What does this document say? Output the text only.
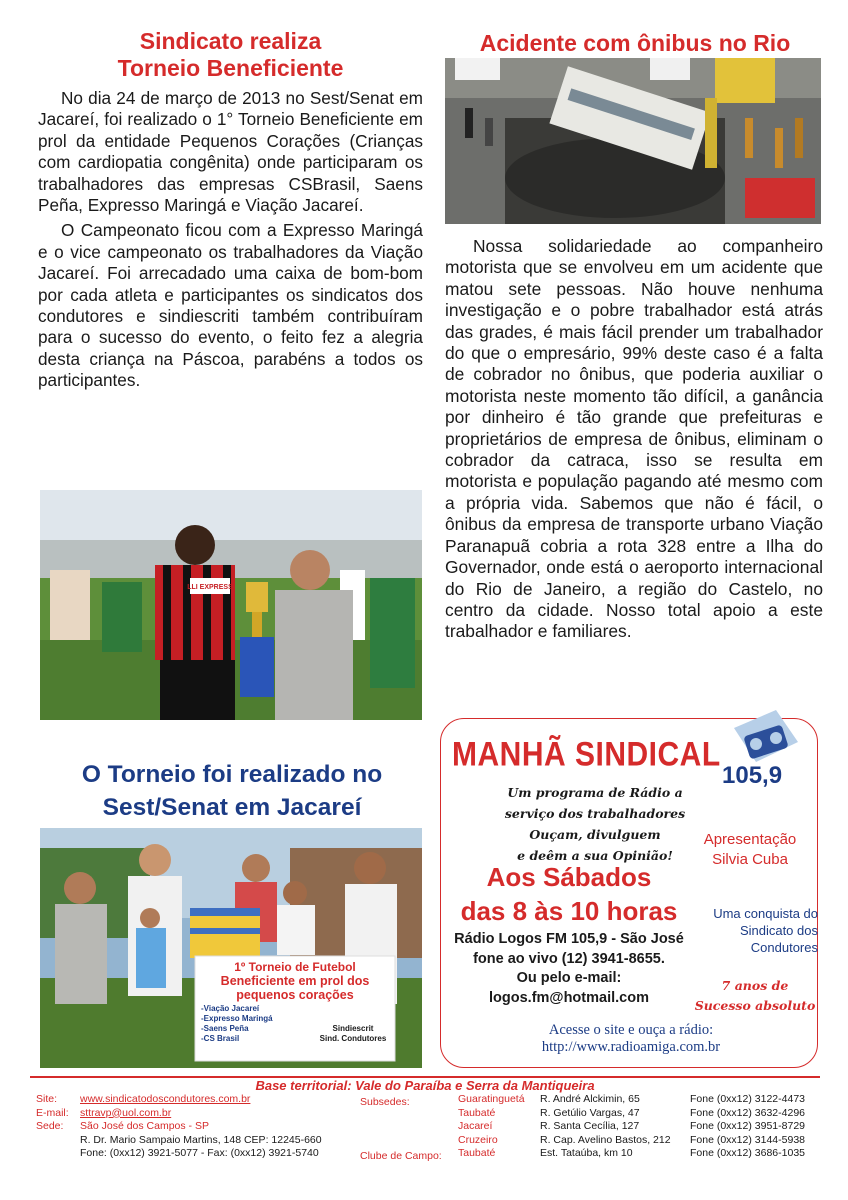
Sindicato realiza
Torneio Beneficiente

No dia 24 de março de 2013 no Sest/Senat em Jacareí, foi realizado o 1° Torneio Beneficiente em prol da entidade Pequenos Corações (Crianças com cardiopatia congênita) onde participaram os trabalhadores das empresas CSBrasil, Saens Peña, Expresso Maringá e Viação Jacareí.

O Campeonato ficou com a Expresso Maringá e o vice campeonato os trabalhadores da Viação Jacareí. Foi arrecadado uma caixa de bom-bom por cada atleta e participantes os sindicatos dos condutores e sindiescriti também contribuíram para o sucesso do evento, o feito fez a alegria desta criança na Páscoa, parabéns a todos os participantes.

LLI EXPRESS
O Torneio foi realizado no
Sest/Senat em Jacareí
1º Torneio de Futebol
Beneficiente em prol dos
pequenos corações
-Viação Jacareí
-Expresso Maringá
-Saens Peña
-CS Brasil
Sindiescrit
Sind. Condutores
Acidente com ônibus no Rio

Nossa solidariedade ao companheiro motorista que se envolveu em um acidente que matou sete pessoas. Não houve nenhuma investigação e o pobre trabalhador está atrás das grades, é mais fácil prender um trabalhador do que o empresário, 99% deste caso é a falta de cobrador no ônibus, que poderia auxiliar o motorista neste momento tão difícil, a ganância por dinheiro é tão grande que prefeituras e proprietários de empresa de ônibus, eliminam o cobrador da catraca, isso se resulta em motorista e população pagando até mesmo com a própria vida. Sabemos que não é fácil, o ônibus da empresa de transporte urbano Viação Paranapuã cobria a rota 328 entre a Ilha do Governador, onde está o aeroporto internacional do Rio de Janeiro, a região do Castelo, no centro da cidade. Nosso total apoio a este trabalhador e familiares.

MANHÃ SINDICAL
105,9
Um programa de Rádio a
serviço dos trabalhadores
Ouçam, divulguem
e deêm a sua Opinião!
Apresentação
Silvia Cuba
Aos Sábados
das 8 às 10 horas	Uma conquista do
Sindicato dos
Condutores
Rádio Logos FM 105,9 - São José
fone ao vivo (12) 3941-8655.
Ou pelo e-mail:
logos.fm@hotmail.com
7 anos de
Sucesso absoluto
Acesse o site e ouça a rádio:
http://www.radioamiga.com.br
Base territorial: Vale do Paraíba e Serra da Mantiqueira
Site:
E-mail:
Sede:
www.sindicatodoscondutores.com.br
sttravp@uol.com.br
São José dos Campos - SP
R. Dr. Mario Sampaio Martins, 148 CEP: 12245-660
Fone: (0xx12) 3921-5077 - Fax: (0xx12) 3921-5740
Subsedes:
Clube de Campo:
Guaratinguetá
Taubaté
Jacareí
Cruzeiro
Taubaté
R. André Alckimin, 65
R. Getúlio Vargas, 47
R. Santa Cecília, 127
R. Cap. Avelino Bastos, 212
Est. Tataúba, km 10
Fone (0xx12) 3122-4473
Fone (0xx12) 3632-4296
Fone (0xx12) 3951-8729
Fone (0xx12) 3144-5938
Fone (0xx12) 3686-1035
